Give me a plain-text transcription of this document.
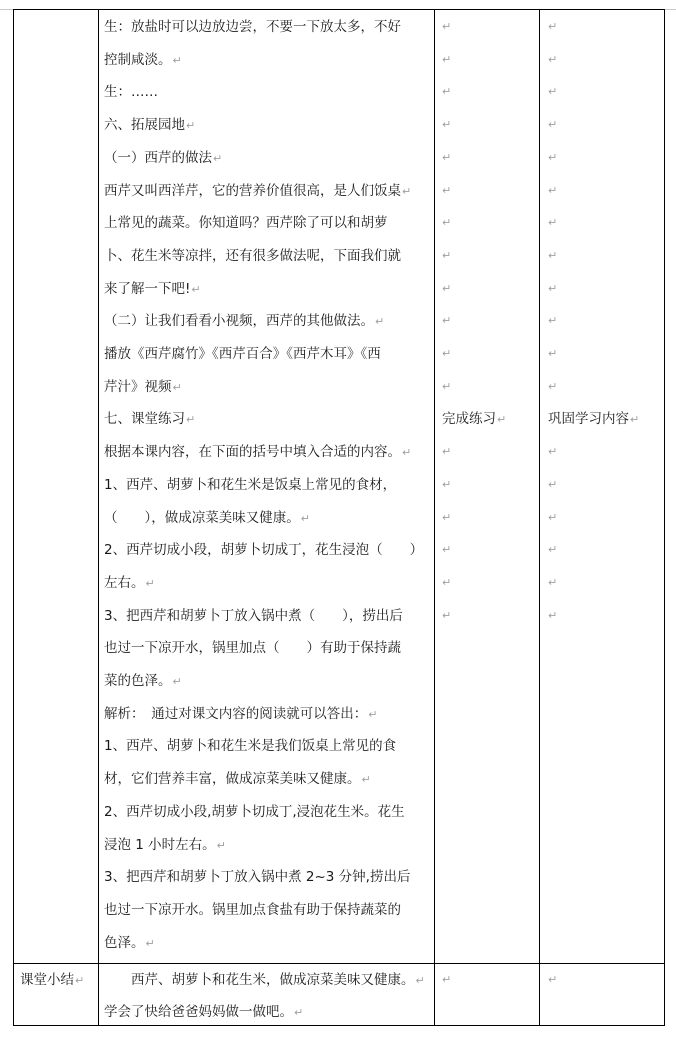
生：放盐时可以边放边尝，不要一下放太多，不好
控制咸淡。↵
生：……
六、拓展园地↵
（一）西芹的做法↵
西芹又叫西洋芹，它的营养价值很高，是人们饭桌↵
上常见的蔬菜。你知道吗？西芹除了可以和胡萝
卜、花生米等凉拌，还有很多做法呢，下面我们就
来了解一下吧!↵
（二）让我们看看小视频，西芹的其他做法。↵
播放《西芹腐竹》《西芹百合》《西芹木耳》《西
芹汁》视频↵
七、课堂练习↵
根据本课内容，在下面的括号中填入合适的内容。↵
1、西芹、胡萝卜和花生米是饭桌上常见的食材，
（　　），做成凉菜美味又健康。↵
2、西芹切成小段，胡萝卜切成丁，花生浸泡（　　）
左右。↵
3、把西芹和胡萝卜丁放入锅中煮（　　），捞出后
也过一下凉开水，锅里加点（　　）有助于保持蔬
菜的色泽。↵
解析：　通过对课文内容的阅读就可以答出：↵
1、西芹、胡萝卜和花生米是我们饭桌上常见的食
材，它们营养丰富，做成凉菜美味又健康。↵
2、西芹切成小段,胡萝卜切成丁,浸泡花生米。花生
浸泡 1 小时左右。↵
3、把西芹和胡萝卜丁放入锅中煮 2~3 分钟,捞出后
也过一下凉开水。锅里加点食盐有助于保持蔬菜的
色泽。↵
↵
↵
↵
↵
↵
↵
↵
↵
↵
↵
↵
↵
完成练习↵
↵
↵
↵
↵
↵
↵
↵
↵
↵
↵
↵
↵
↵
↵
↵
↵
↵
↵
巩固学习内容↵
↵
↵
↵
↵
↵
↵
课堂小结↵ 　　西芹、胡萝卜和花生米，做成凉菜美味又健康。↵
学会了快给爸爸妈妈做一做吧。↵
↵	↵
